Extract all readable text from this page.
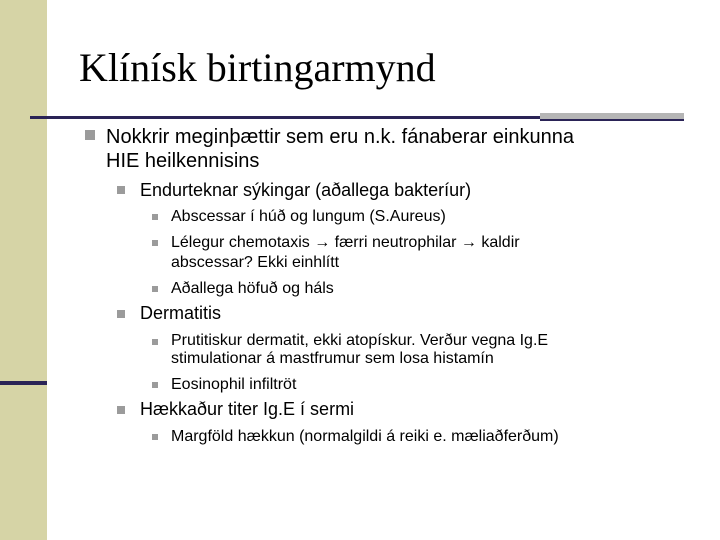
Klínísk birtingarmynd
Nokkrir meginþættir sem eru n.k. fánaberar einkunna
HIE heilkennisins
Endurteknar sýkingar (aðallega bakteríur)
Abscessar í húð og lungum (S.Aureus)
Lélegur chemotaxis → færri neutrophilar → kaldir
abscessar? Ekki einhlítt
Aðallega höfuð og háls
Dermatitis
Prutitiskur dermatit, ekki atopískur. Verður vegna Ig.E
stimulationar á mastfrumur sem losa histamín
Eosinophil infiltröt
Hækkaður titer Ig.E í sermi
Margföld hækkun (normalgildi á reiki e. mæliaðferðum)
